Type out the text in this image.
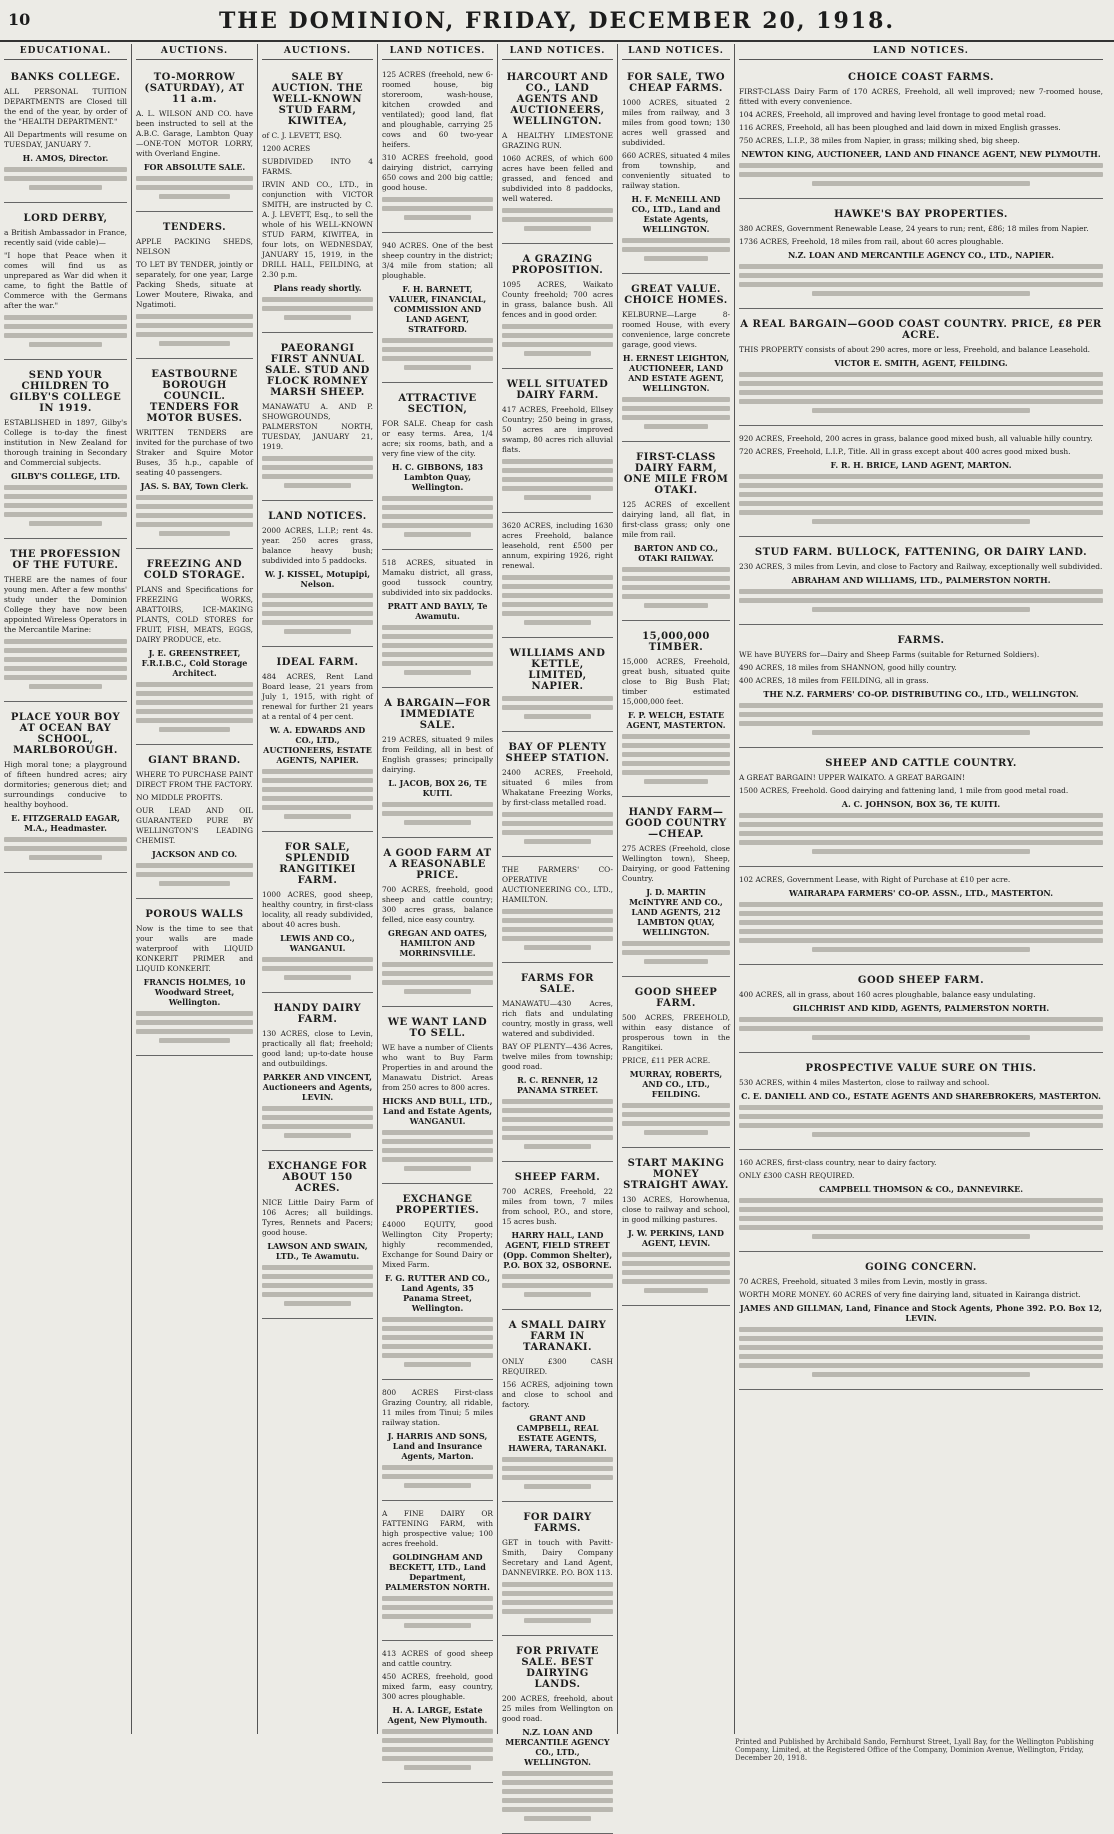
10	THE DOMINION, FRIDAY, DECEMBER 20, 1918.
EDUCATIONAL.
BANKS COLLEGE.

ALL PERSONAL TUITION DEPARTMENTS are Closed till the end of the year, by order of the "HEALTH DEPARTMENT."

All Departments will resume on TUESDAY, JANUARY 7.

H. AMOS, Director.
LORD DERBY,

a British Ambassador in France, recently said (vide cable)—

"I hope that Peace when it comes will find us as unprepared as War did when it came, to fight the Battle of Commerce with the Germans after the war."

SEND YOUR CHILDREN TO GILBY'S COLLEGE IN 1919.

ESTABLISHED in 1897, Gilby's College is to-day the finest institution in New Zealand for thorough training in Secondary and Commercial subjects.

GILBY'S COLLEGE, LTD.
THE PROFESSION OF THE FUTURE.

THERE are the names of four young men. After a few months' study under the Dominion College they have now been appointed Wireless Operators in the Mercantile Marine:

PLACE YOUR BOY AT OCEAN BAY SCHOOL, MARLBOROUGH.

High moral tone; a playground of fifteen hundred acres; airy dormitories; generous diet; and surroundings conducive to healthy boyhood.

E. FITZGERALD EAGAR, M.A., Headmaster.
AUCTIONS.
TO-MORROW (SATURDAY), AT 11 a.m.

A. L. WILSON AND CO. have been instructed to sell at the A.B.C. Garage, Lambton Quay—ONE-TON MOTOR LORRY, with Overland Engine.

FOR ABSOLUTE SALE.
TENDERS.

APPLE PACKING SHEDS, NELSON

TO LET BY TENDER, jointly or separately, for one year, Large Packing Sheds, situate at Lower Moutere, Riwaka, and Ngatimoti.

EASTBOURNE BOROUGH COUNCIL. TENDERS FOR MOTOR BUSES.

WRITTEN TENDERS are invited for the purchase of two Straker and Squire Motor Buses, 35 h.p., capable of seating 40 passengers.

JAS. S. BAY, Town Clerk.
FREEZING AND COLD STORAGE.

PLANS and Specifications for FREEZING WORKS, ABATTOIRS, ICE-MAKING PLANTS, COLD STORES for FRUIT, FISH, MEATS, EGGS, DAIRY PRODUCE, etc.

J. E. GREENSTREET, F.R.I.B.C., Cold Storage Architect.
GIANT BRAND.

WHERE TO PURCHASE PAINT DIRECT FROM THE FACTORY.

NO MIDDLE PROFITS.

OUR LEAD AND OIL GUARANTEED PURE BY WELLINGTON'S LEADING CHEMIST.

JACKSON AND CO.
POROUS WALLS

Now is the time to see that your walls are made waterproof with LIQUID KONKERIT PRIMER and LIQUID KONKERIT.

FRANCIS HOLMES, 10 Woodward Street, Wellington.
AUCTIONS.
SALE BY AUCTION. THE WELL-KNOWN STUD FARM, KIWITEA,

of C. J. LEVETT, ESQ.

1200 ACRES

SUBDIVIDED INTO 4 FARMS.

IRVIN AND CO., LTD., in conjunction with VICTOR SMITH, are instructed by C. A. J. LEVETT, Esq., to sell the whole of his WELL-KNOWN STUD FARM, KIWITEA, in four lots, on WEDNESDAY, JANUARY 15, 1919, in the DRILL HALL, FEILDING, at 2.30 p.m.

Plans ready shortly.
PAEORANGI FIRST ANNUAL SALE. STUD AND FLOCK ROMNEY MARSH SHEEP.

MANAWATU A. AND P. SHOWGROUNDS, PALMERSTON NORTH, TUESDAY, JANUARY 21, 1919.

LAND NOTICES.

2000 ACRES, L.I.P.; rent 4s. year. 250 acres grass, balance heavy bush; subdivided into 5 paddocks.

W. J. KISSEL, Motupipi, Nelson.
IDEAL FARM.

484 ACRES, Rent Land Board lease, 21 years from July 1, 1915, with right of renewal for further 21 years at a rental of 4 per cent.

W. A. EDWARDS AND CO., LTD., AUCTIONEERS, ESTATE AGENTS, NAPIER.
FOR SALE, SPLENDID RANGITIKEI FARM.

1000 ACRES, good sheep, healthy country, in first-class locality, all ready subdivided, about 40 acres bush.

LEWIS AND CO., WANGANUI.
HANDY DAIRY FARM.

130 ACRES, close to Levin, practically all flat; freehold; good land; up-to-date house and outbuildings.

PARKER AND VINCENT, Auctioneers and Agents, LEVIN.
EXCHANGE FOR ABOUT 150 ACRES.

NICE Little Dairy Farm of 106 Acres; all buildings. Tyres, Rennets and Pacers; good house.

LAWSON AND SWAIN, LTD., Te Awamutu.
LAND NOTICES.

125 ACRES (freehold, new 6-roomed house, big storeroom, wash-house, kitchen crowded and ventilated); good land, flat and ploughable, carrying 25 cows and 60 two-year heifers.

310 ACRES freehold, good dairying district, carrying 650 cows and 200 big cattle; good house.

940 ACRES. One of the best sheep country in the district; 3/4 mile from station; all ploughable.

F. H. BARNETT, VALUER, FINANCIAL, COMMISSION AND LAND AGENT, STRATFORD.
ATTRACTIVE SECTION,

FOR SALE. Cheap for cash or easy terms. Area, 1/4 acre; six rooms, bath, and a very fine view of the city.

H. C. GIBBONS, 183 Lambton Quay, Wellington.

518 ACRES, situated in Mamaku district, all grass, good tussock country, subdivided into six paddocks.

PRATT AND BAYLY, Te Awamutu.
A BARGAIN—FOR IMMEDIATE SALE.

219 ACRES, situated 9 miles from Feilding, all in best of English grasses; principally dairying.

L. JACOB, BOX 26, TE KUITI.
A GOOD FARM AT A REASONABLE PRICE.

700 ACRES, freehold, good sheep and cattle country; 300 acres grass, balance felled, nice easy country.

GREGAN AND OATES, HAMILTON AND MORRINSVILLE.
WE WANT LAND TO SELL.

WE have a number of Clients who want to Buy Farm Properties in and around the Manawatu District. Areas from 250 acres to 800 acres.

HICKS AND BULL, LTD., Land and Estate Agents, WANGANUI.
EXCHANGE PROPERTIES.

£4000 EQUITY, good Wellington City Property; highly recommended, Exchange for Sound Dairy or Mixed Farm.

F. G. RUTTER AND CO., Land Agents, 35 Panama Street, Wellington.

800 ACRES First-class Grazing Country, all ridable, 11 miles from Tinui; 5 miles railway station.

J. HARRIS AND SONS, Land and Insurance Agents, Marton.

A FINE DAIRY OR FATTENING FARM, with high prospective value; 100 acres freehold.

GOLDINGHAM AND BECKETT, LTD., Land Department, PALMERSTON NORTH.

413 ACRES of good sheep and cattle country.

450 ACRES, freehold, good mixed farm, easy country, 300 acres ploughable.

H. A. LARGE, Estate Agent, New Plymouth.
LAND NOTICES.
HARCOURT AND CO., LAND AGENTS AND AUCTIONEERS, WELLINGTON.

A HEALTHY LIMESTONE GRAZING RUN.

1060 ACRES, of which 600 acres have been felled and grassed, and fenced and subdivided into 8 paddocks, well watered.

A GRAZING PROPOSITION.

1095 ACRES, Waikato County freehold; 700 acres in grass, balance bush. All fences and in good order.

WELL SITUATED DAIRY FARM.

417 ACRES, Freehold, Ellsey Country; 250 being in grass, 50 acres are improved swamp, 80 acres rich alluvial flats.

3620 ACRES, including 1630 acres Freehold, balance leasehold, rent £500 per annum, expiring 1926, right renewal.

WILLIAMS AND KETTLE, LIMITED, NAPIER.
BAY OF PLENTY SHEEP STATION.

2400 ACRES, Freehold, situated 6 miles from Whakatane Freezing Works, by first-class metalled road.

THE FARMERS' CO-OPERATIVE AUCTIONEERING CO., LTD., HAMILTON.

FARMS FOR SALE.

MANAWATU—430 Acres, rich flats and undulating country, mostly in grass, well watered and subdivided.

BAY OF PLENTY—436 Acres, twelve miles from township; good road.

R. C. RENNER, 12 PANAMA STREET.
SHEEP FARM.

700 ACRES, Freehold, 22 miles from town, 7 miles from school, P.O., and store, 15 acres bush.

HARRY HALL, LAND AGENT, FIELD STREET (Opp. Common Shelter), P.O. BOX 32, OSBORNE.
A SMALL DAIRY FARM IN TARANAKI.

ONLY £300 CASH REQUIRED.

156 ACRES, adjoining town and close to school and factory.

GRANT AND CAMPBELL, REAL ESTATE AGENTS, HAWERA, TARANAKI.
FOR DAIRY FARMS.

GET in touch with Pavitt-Smith, Dairy Company Secretary and Land Agent, DANNEVIRKE. P.O. BOX 113.

FOR PRIVATE SALE. BEST DAIRYING LANDS.

200 ACRES, freehold, about 25 miles from Wellington on good road.

N.Z. LOAN AND MERCANTILE AGENCY CO., LTD., WELLINGTON.
LAND NOTICES.
FOR SALE, TWO CHEAP FARMS.

1000 ACRES, situated 2 miles from railway, and 3 miles from good town; 130 acres well grassed and subdivided.

660 ACRES, situated 4 miles from township, and conveniently situated to railway station.

H. F. McNEILL AND CO., LTD., Land and Estate Agents, WELLINGTON.
GREAT VALUE. CHOICE HOMES.

KELBURNE—Large 8-roomed House, with every convenience, large concrete garage, good views.

H. ERNEST LEIGHTON, AUCTIONEER, LAND AND ESTATE AGENT, WELLINGTON.
FIRST-CLASS DAIRY FARM, ONE MILE FROM OTAKI.

125 ACRES of excellent dairying land, all flat, in first-class grass; only one mile from rail.

BARTON AND CO., OTAKI RAILWAY.
15,000,000 TIMBER.

15,000 ACRES, Freehold, great bush, situated quite close to Big Bush Flat; timber estimated 15,000,000 feet.

F. P. WELCH, ESTATE AGENT, MASTERTON.
HANDY FARM—GOOD COUNTRY—CHEAP.

275 ACRES (Freehold, close Wellington town), Sheep, Dairying, or good Fattening Country.

J. D. MARTIN McINTYRE AND CO., LAND AGENTS, 212 LAMBTON QUAY, WELLINGTON.
GOOD SHEEP FARM.

500 ACRES, FREEHOLD, within easy distance of prosperous town in the Rangitikei.

PRICE, £11 PER ACRE.

MURRAY, ROBERTS, AND CO., LTD., FEILDING.
START MAKING MONEY STRAIGHT AWAY.

130 ACRES, Horowhenua, close to railway and school, in good milking pastures.

J. W. PERKINS, LAND AGENT, LEVIN.
LAND NOTICES.
CHOICE COAST FARMS.

FIRST-CLASS Dairy Farm of 170 ACRES, Freehold, all well improved; new 7-roomed house, fitted with every convenience.

104 ACRES, Freehold, all improved and having level frontage to good metal road.

116 ACRES, Freehold, all has been ploughed and laid down in mixed English grasses.

750 ACRES, L.I.P., 38 miles from Napier, in grass; milking shed, big sheep.

NEWTON KING, AUCTIONEER, LAND AND FINANCE AGENT, NEW PLYMOUTH.
HAWKE'S BAY PROPERTIES.

380 ACRES, Government Renewable Lease, 24 years to run; rent, £86; 18 miles from Napier.

1736 ACRES, Freehold, 18 miles from rail, about 60 acres ploughable.

N.Z. LOAN AND MERCANTILE AGENCY CO., LTD., NAPIER.
A REAL BARGAIN—GOOD COAST COUNTRY. PRICE, £8 PER ACRE.

THIS PROPERTY consists of about 290 acres, more or less, Freehold, and balance Leasehold.

VICTOR E. SMITH, AGENT, FEILDING.

920 ACRES, Freehold, 200 acres in grass, balance good mixed bush, all valuable hilly country.

720 ACRES, Freehold, L.I.P., Title. All in grass except about 400 acres good mixed bush.

F. R. H. BRICE, LAND AGENT, MARTON.
STUD FARM. BULLOCK, FATTENING, OR DAIRY LAND.

230 ACRES, 3 miles from Levin, and close to Factory and Railway, exceptionally well subdivided.

ABRAHAM AND WILLIAMS, LTD., PALMERSTON NORTH.
FARMS.

WE have BUYERS for—Dairy and Sheep Farms (suitable for Returned Soldiers).

490 ACRES, 18 miles from SHANNON, good hilly country.

400 ACRES, 18 miles from FEILDING, all in grass.

THE N.Z. FARMERS' CO-OP. DISTRIBUTING CO., LTD., WELLINGTON.
SHEEP AND CATTLE COUNTRY.

A GREAT BARGAIN! UPPER WAIKATO. A GREAT BARGAIN!

1500 ACRES, Freehold. Good dairying and fattening land, 1 mile from good metal road.

A. C. JOHNSON, BOX 36, TE KUITI.

102 ACRES, Government Lease, with Right of Purchase at £10 per acre.

WAIRARAPA FARMERS' CO-OP. ASSN., LTD., MASTERTON.
GOOD SHEEP FARM.

400 ACRES, all in grass, about 160 acres ploughable, balance easy undulating.

GILCHRIST AND KIDD, AGENTS, PALMERSTON NORTH.
PROSPECTIVE VALUE SURE ON THIS.

530 ACRES, within 4 miles Masterton, close to railway and school.

C. E. DANIELL AND CO., ESTATE AGENTS AND SHAREBROKERS, MASTERTON.

160 ACRES, first-class country, near to dairy factory.

ONLY £300 CASH REQUIRED.

CAMPBELL THOMSON & CO., DANNEVIRKE.
GOING CONCERN.

70 ACRES, Freehold, situated 3 miles from Levin, mostly in grass.

WORTH MORE MONEY. 60 ACRES of very fine dairying land, situated in Kairanga district.

JAMES AND GILLMAN, Land, Finance and Stock Agents, Phone 392. P.O. Box 12, LEVIN.
Printed and Published by Archibald Sando, Fernhurst Street, Lyall Bay, for the Wellington Publishing Company, Limited, at the Registered Office of the Company, Dominion Avenue, Wellington, Friday, December 20, 1918.
